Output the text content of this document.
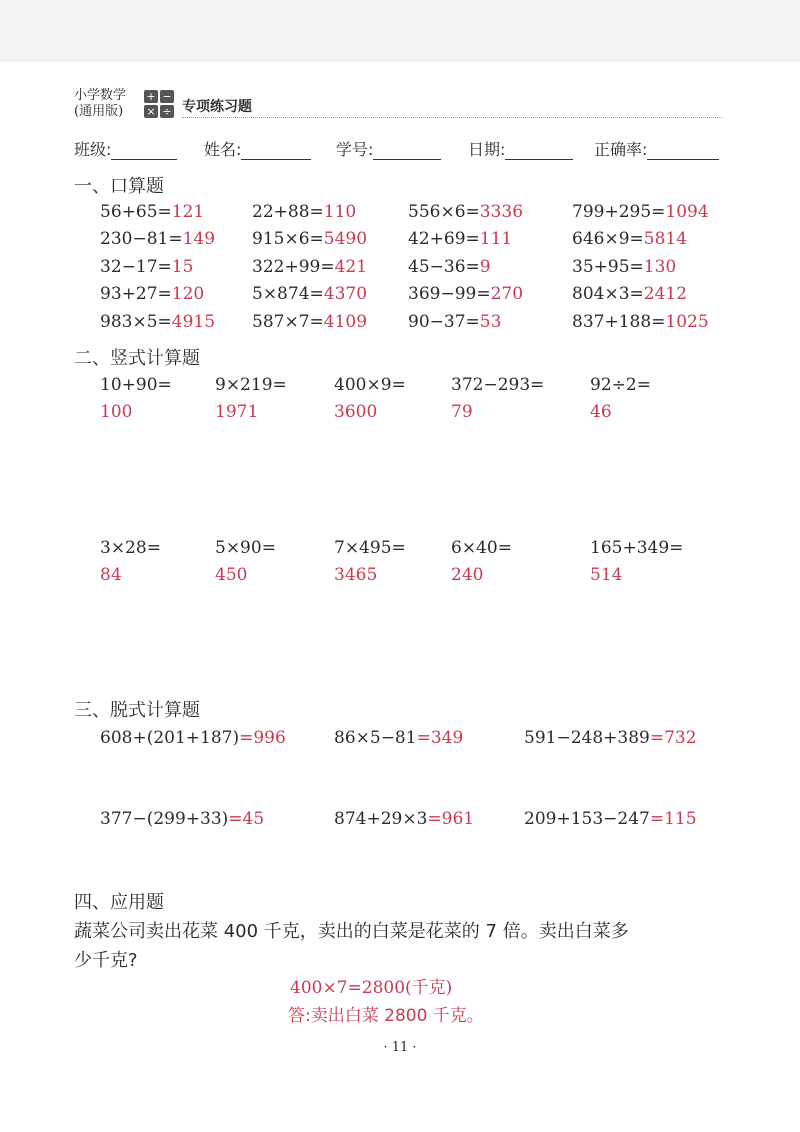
小学数学
(通用版)
+ −
× ÷ 专项练习题
班级:	姓名:	学号:	日期:	正确率:
一、口算题
56+65=121	22+88=110	556×6=3336	799+295=1094
230−81=149 915×6=5490 42+69=111	646×9=5814
32−17=15	322+99=421 45−36=9	35+95=130
93+27=120	5×874=4370 369−99=270	804×3=2412
983×5=4915 587×7=4109 90−37=53	837+188=1025
二、竖式计算题
10+90=	9×219=	400×9=	372−293=	92÷2=
100	1971	3600	79	46
3×28=	5×90=	7×495=	6×40=	165+349=
84	450	3465	240	514
三、脱式计算题
608+(201+187)=996	86×5−81=349	591−248+389=732
377−(299+33)=45	874+29×3=961	209+153−247=115
四、应用题
蔬菜公司卖出花菜 400 千克，卖出的白菜是花菜的 7 倍。卖出白菜多
少千克?
400×7=2800(千克)
答:卖出白菜 2800 千克。
· 11 ·
